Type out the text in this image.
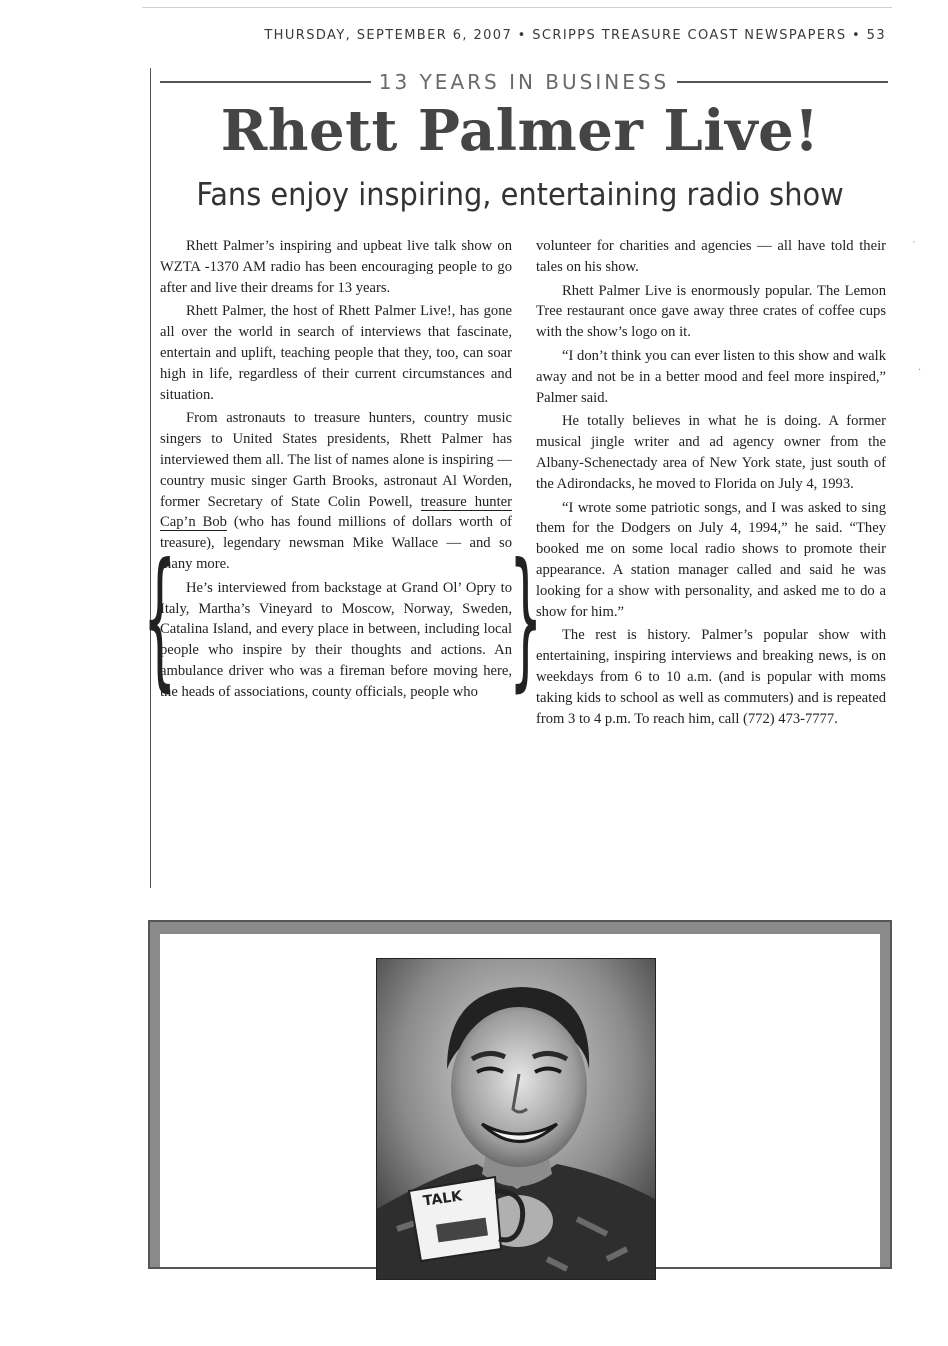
THURSDAY, SEPTEMBER 6, 2007 • SCRIPPS TREASURE COAST NEWSPAPERS • 53
13 YEARS IN BUSINESS
Rhett Palmer Live!
Fans enjoy inspiring, entertaining radio show

Rhett Palmer’s inspiring and upbeat live talk show on WZTA -1370 AM radio has been encouraging people to go after and live their dreams for 13 years.

Rhett Palmer, the host of Rhett Palmer Live!, has gone all over the world in search of interviews that fascinate, entertain and uplift, teaching people that they, too, can soar high in life, regardless of their current circumstances and situation.

From astronauts to treasure hunters, country music singers to United States presidents, Rhett Palmer has interviewed them all. The list of names alone is inspiring — country music singer Garth Brooks, astronaut Al Worden, former Secretary of State Colin Powell, treasure hunter Cap’n Bob (who has found millions of dollars worth of treasure), legendary newsman Mike Wallace — and so many more.

He’s interviewed from backstage at Grand Ol’ Opry to Italy, Martha’s Vineyard to Moscow, Norway, Sweden, Catalina Island, and every place in between, including local people who inspire by their thoughts and actions. An ambulance driver who was a fireman before moving here, the heads of associations, county officials, people who

{ }

volunteer for charities and agencies — all have told their tales on his show.

Rhett Palmer Live is enormously popular. The Lemon Tree restaurant once gave away three crates of coffee cups with the show’s logo on it.

“I don’t think you can ever listen to this show and walk away and not be in a better mood and feel more inspired,” Palmer said.

He totally believes in what he is doing. A former musical jingle writer and ad agency owner from the Albany-Schenectady area of New York state, just south of the Adirondacks, he moved to Florida on July 4, 1993.

“I wrote some patriotic songs, and I was asked to sing them for the Dodgers on July 4, 1994,” he said. “They booked me on some local radio shows to promote their appearance. A station manager called and said he was looking for a show with personality, and asked me to do a show for him.”

The rest is history. Palmer’s popular show with entertaining, inspiring interviews and breaking news, is on weekdays from 6 to 10 a.m. (and is popular with moms taking kids to school as well as commuters) and is repeated from 3 to 4 p.m. To reach him, call (772) 473-7777.

TALK
′
·
